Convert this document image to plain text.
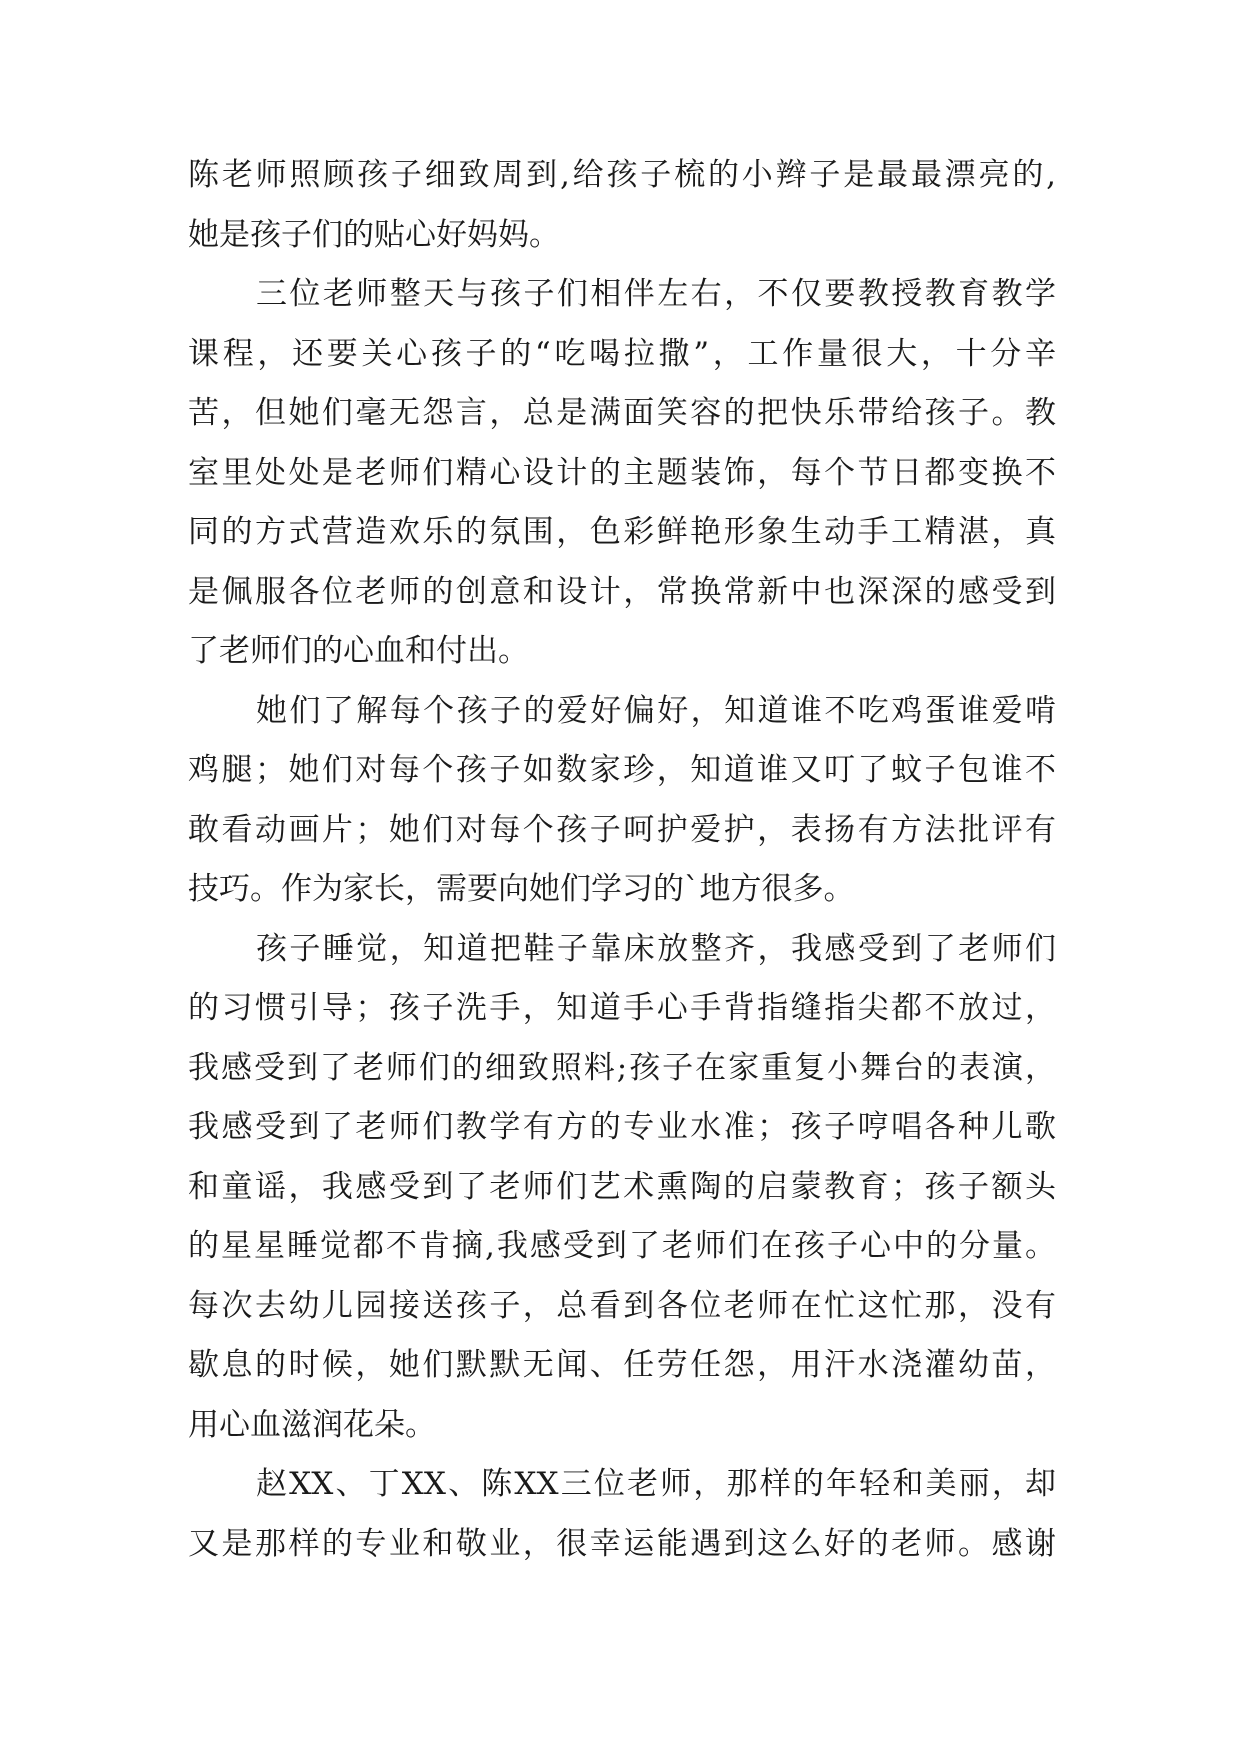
陈老师照顾孩子细致周到,给孩子梳的小辫子是最最漂亮的,
她是孩子们的贴心好妈妈。
三位老师整天与孩子们相伴左右，不仅要教授教育教学
课程，还要关心孩子的“吃喝拉撒”，工作量很大，十分辛
苦，但她们毫无怨言，总是满面笑容的把快乐带给孩子。教
室里处处是老师们精心设计的主题装饰，每个节日都变换不
同的方式营造欢乐的氛围，色彩鲜艳形象生动手工精湛，真
是佩服各位老师的创意和设计，常换常新中也深深的感受到
了老师们的心血和付出。
她们了解每个孩子的爱好偏好，知道谁不吃鸡蛋谁爱啃
鸡腿；她们对每个孩子如数家珍，知道谁又叮了蚊子包谁不
敢看动画片；她们对每个孩子呵护爱护，表扬有方法批评有
技巧。作为家长，需要向她们学习的`地方很多。
孩子睡觉，知道把鞋子靠床放整齐，我感受到了老师们
的习惯引导；孩子洗手，知道手心手背指缝指尖都不放过，
我感受到了老师们的细致照料;孩子在家重复小舞台的表演，
我感受到了老师们教学有方的专业水准；孩子哼唱各种儿歌
和童谣，我感受到了老师们艺术熏陶的启蒙教育；孩子额头
的星星睡觉都不肯摘,我感受到了老师们在孩子心中的分量。
每次去幼儿园接送孩子，总看到各位老师在忙这忙那，没有
歇息的时候，她们默默无闻、任劳任怨，用汗水浇灌幼苗，
用心血滋润花朵。
赵XX、丁XX、陈XX三位老师，那样的年轻和美丽，却
又是那样的专业和敬业，很幸运能遇到这么好的老师。感谢
